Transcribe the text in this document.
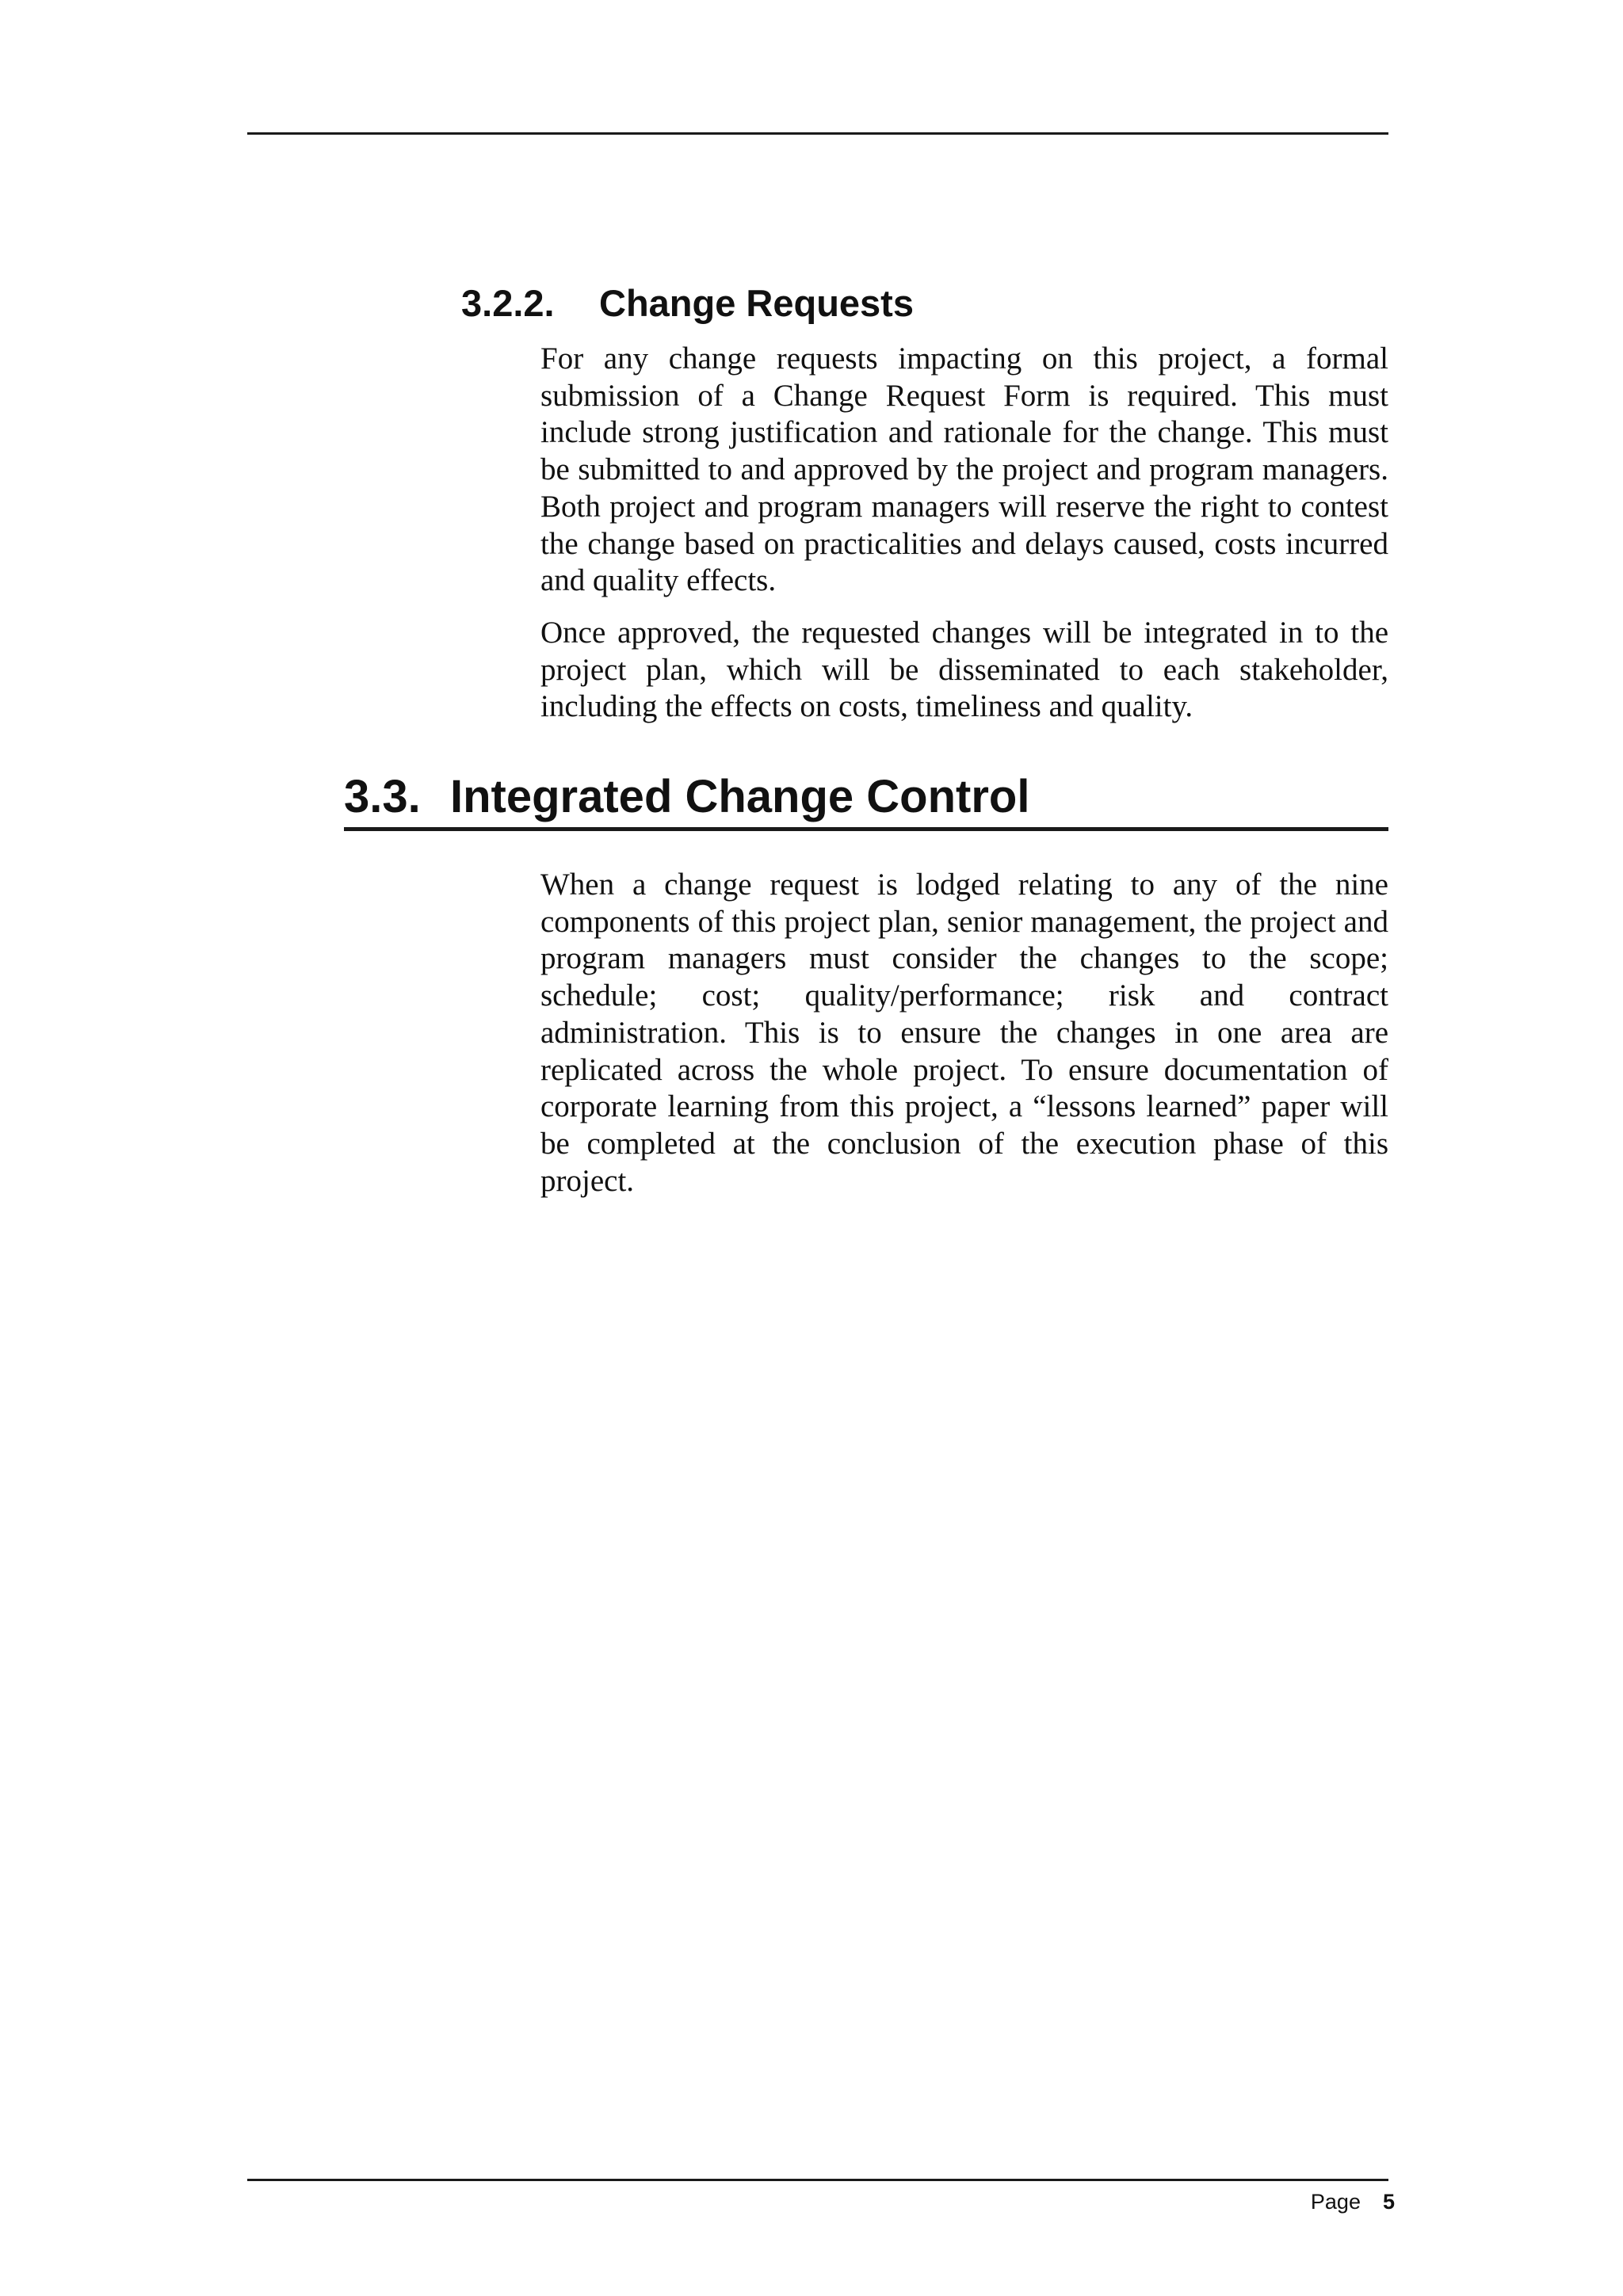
3.2.2. Change Requests

For any change requests impacting on this project, a formal submission of a Change Request Form is required. This must include strong justification and rationale for the change. This must be submitted to and approved by the project and program managers. Both project and program managers will reserve the right to contest the change based on practicalities and delays caused, costs incurred and quality effects.

Once approved, the requested changes will be integrated in to the project plan, which will be disseminated to each stakeholder, including the effects on costs, timeliness and quality.

3.3. Integrated Change Control

When a change request is lodged relating to any of the nine components of this project plan, senior management, the project and program managers must consider the changes to the scope; schedule; cost; quality/performance; risk and contract administration. This is to ensure the changes in one area are replicated across the whole project. To ensure documentation of corporate learning from this project, a “lessons learned” paper will be completed at the conclusion of the execution phase of this project.

Page 5
